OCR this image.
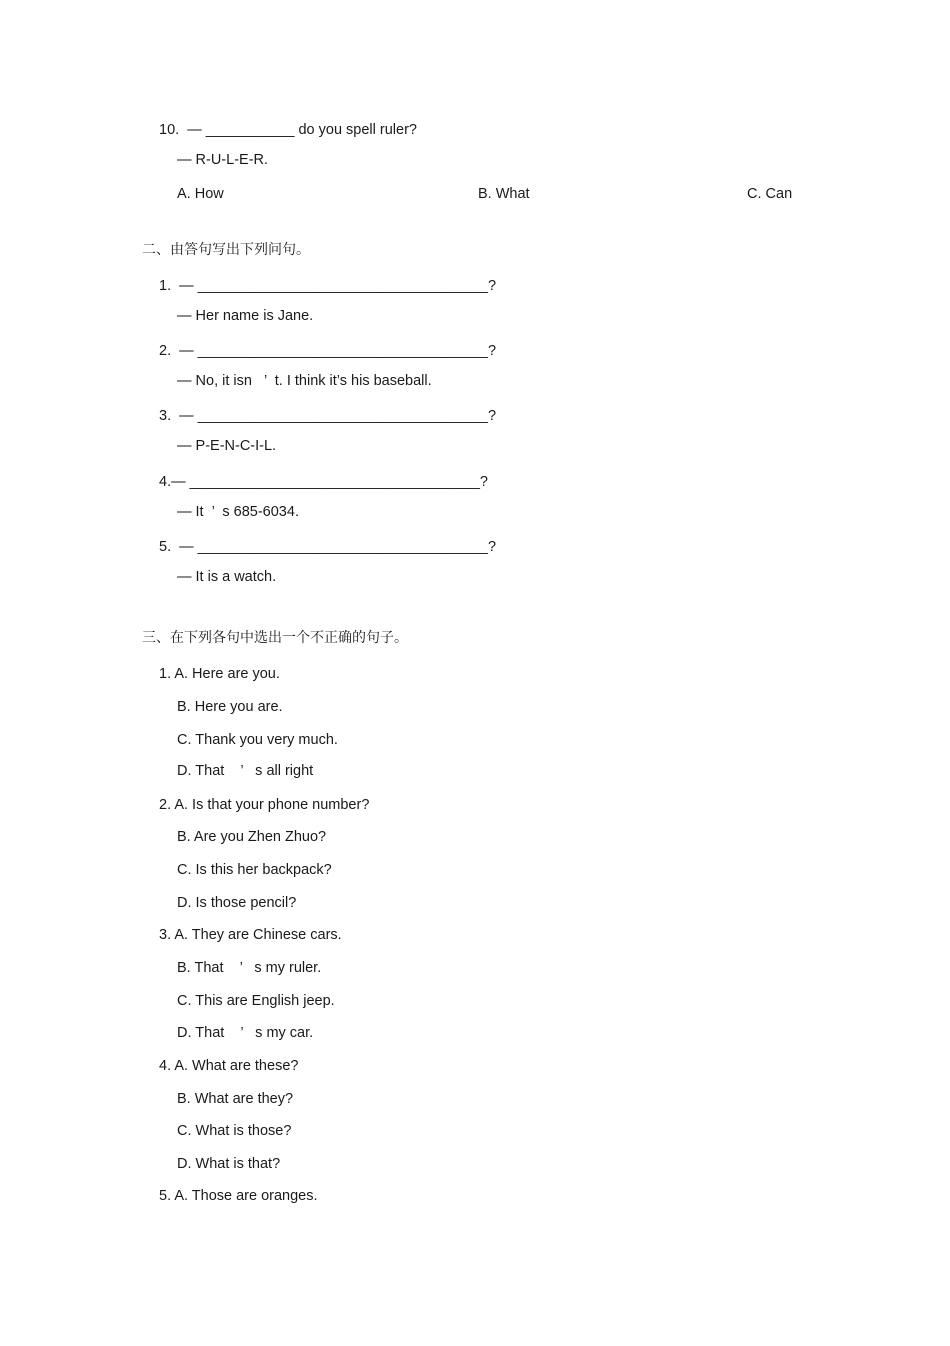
10.  — ___________ do you spell ruler?
— R-U-L-E-R.
A. How	B. What	C. Can
二、由答句写出下列问句。
1.  — ____________________________________?
— Her name is Jane.
2.  — ____________________________________?
— No, it isn   ’  t. I think it’s his baseball.
3.  — ____________________________________?
— P-E-N-C-I-L.
4.— ____________________________________?
— It  ’  s 685-6034.
5.  — ____________________________________?
— It is a watch.
三、在下列各句中选出一个不正确的句子。
1. A. Here are you.
B. Here you are.
C. Thank you very much.
D. That    ’   s all right
2. A. Is that your phone number?
B. Are you Zhen Zhuo?
C. Is this her backpack?
D. Is those pencil?
3. A. They are Chinese cars.
B. That    ’   s my ruler.
C. This are English jeep.
D. That    ’   s my car.
4. A. What are these?
B. What are they?
C. What is those?
D. What is that?
5. A. Those are oranges.
